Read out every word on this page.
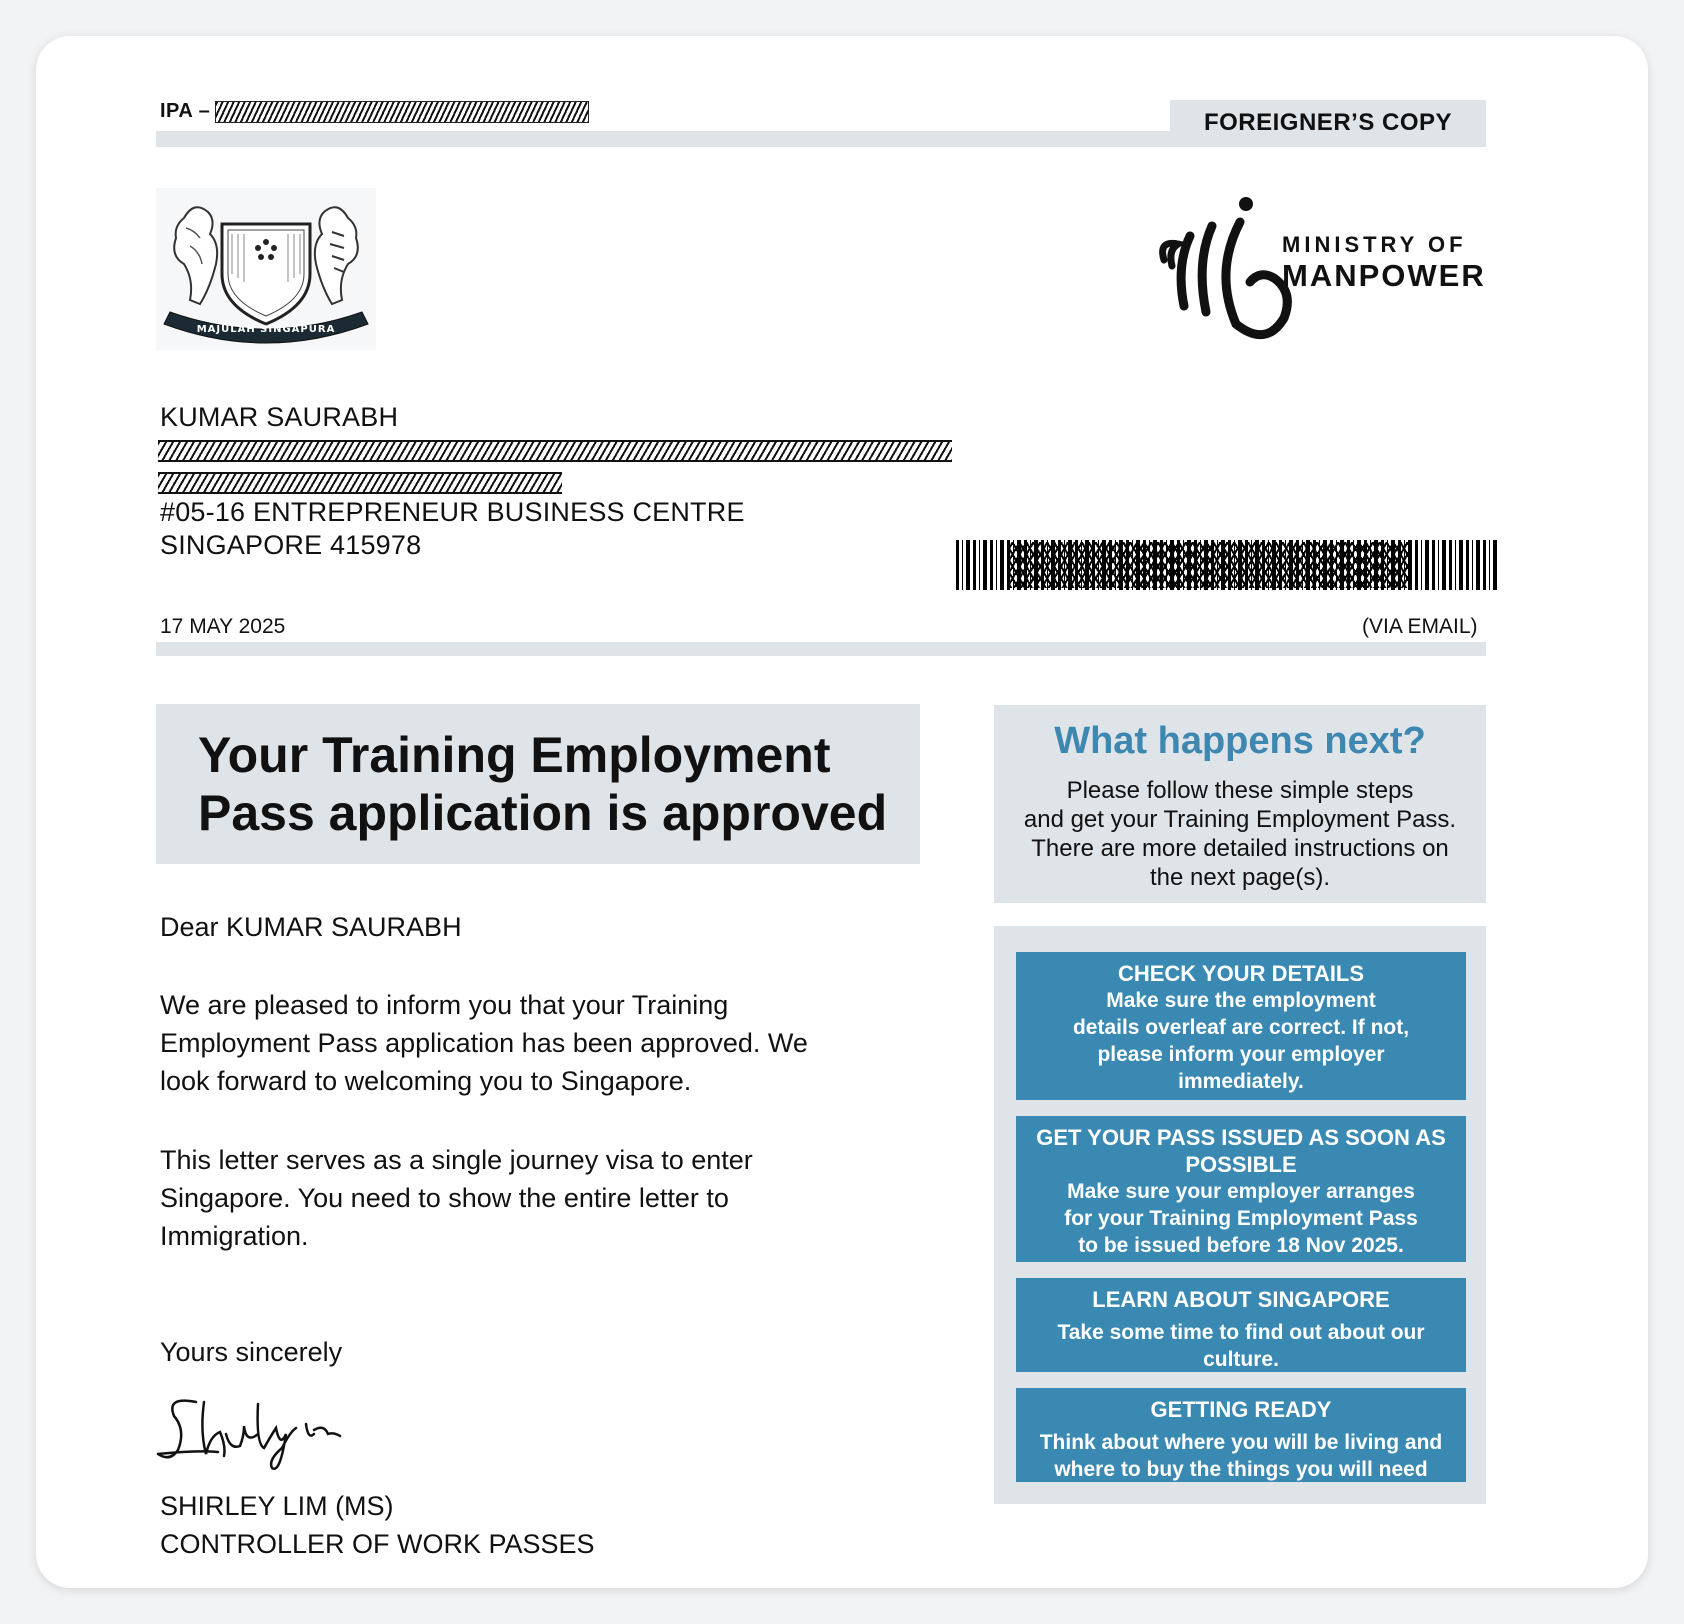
IPA –	FOREIGNER’S COPY
MAJULAH SINGAPURA
MINISTRY OF
MANPOWER
KUMAR SAURABH
#05-16 ENTREPRENEUR BUSINESS CENTRE
SINGAPORE 415978
17 MAY 2025	(VIA EMAIL)
Your Training Employment
Pass application is approved
Dear KUMAR SAURABH
We are pleased to inform you that your Training
Employment Pass application has been approved. We
look forward to welcoming you to Singapore.
This letter serves as a single journey visa to enter
Singapore. You need to show the entire letter to
Immigration.
Yours sincerely
SHIRLEY LIM (MS)
CONTROLLER OF WORK PASSES
What happens next?
Please follow these simple steps
and get your Training Employment Pass.
There are more detailed instructions on
the next page(s).
CHECK YOUR DETAILS
Make sure the employment
details overleaf are correct. If not,
please inform your employer
immediately.
GET YOUR PASS ISSUED AS SOON AS
POSSIBLE
Make sure your employer arranges
for your Training Employment Pass
to be issued before 18 Nov 2025.
LEARN ABOUT SINGAPORE
Take some time to find out about our
culture.
GETTING READY
Think about where you will be living and
where to buy the things you will need
